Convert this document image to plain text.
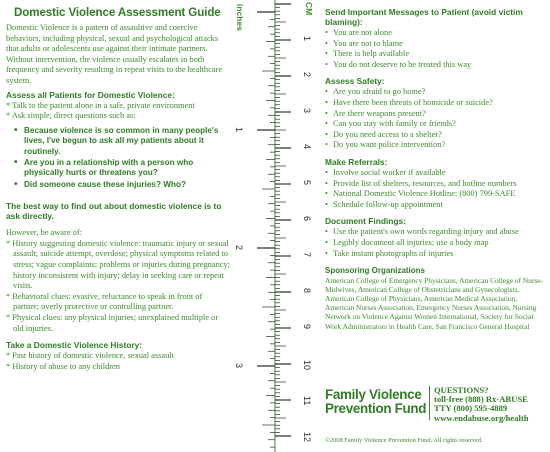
Domestic Violence Assessment Guide

Domestic Violence is a pattern of assaultive and coercive behaviors, including physical, sexual and psychological attacks that adults or adolescents use against their intimate partners. Without intervention, the violence usually escalates in both frequency and severity resulting in repeat visits to the healthcare system.

Assess all Patients for Domestic Violence:
* Talk to the patient alone in a safe, private environment
* Ask simple, direct questions such as:
• Because violence is so common in many people's lives, I've begun to ask all my patients about it routinely.
• Are you in a relationship with a person who physically hurts or threatens you?
• Did someone cause these injuries? Who?
The best way to find out about domestic violence is to ask directly.

However, be aware of:

* History suggesting domestic violence: traumatic injury or sexual assault; suicide attempt, overdose; physical symptoms related to stress; vague complaints; problems or injuries during pregnancy; history inconsistent with injury; delay in seeking care or repeat visits.
* Behavioral clues: evasive, reluctance to speak in front of partner; overly protective or controlling partner.
* Physical clues: any physical injuries; unexplained multiple or old injuries.
Take a Domestic Violence History:
* Past history of domestic violence, sexual assault
* History of abuse to any children
inches	CM
1
2
3
1
2
3
4
5
6
7
8
9
10
11
12
Send Important Messages to Patient (avoid victim blaming):
• You are not alone
• You are not to blame
• There is help available
• You do not deserve to be treated this way
Assess Safety:
• Are you afraid to go home?
• Have there been threats of homicide or suicide?
• Are there weapons present?
• Can you stay with family or friends?
• Do you need access to a shelter?
• Do you want police intervention?
Make Referrals:
• Involve social worker if available
• Provide list of shelters, resources, and hotline numbers
• National Domestic Violence Hotline: (800) 799-SAFE
• Schedule follow-up appointment
Document Findings:
• Use the patient's own words regarding injury and abuse
• Legibly document all injuries; use a body map
• Take instant photographs of injuries
Sponsoring Organizations

American College of Emergency Physicians, American College of Nurse-Midwives, American College of Obstetricians and Gynecologists, American College of Physicians, American Medical Association, American Nurses Association, Emergency Nurses Association, Nursing Network on Violence Against Women International, Society for Social Work Administrators in Health Care, San Francisco General Hospital

Family Violence Prevention Fund
QUESTIONS?
toll-free (888) Rx-ABUSE
TTY (800) 595-4889
www.endabuse.org/health
©2008 Family Violence Prevention Fund. All rights reserved.
